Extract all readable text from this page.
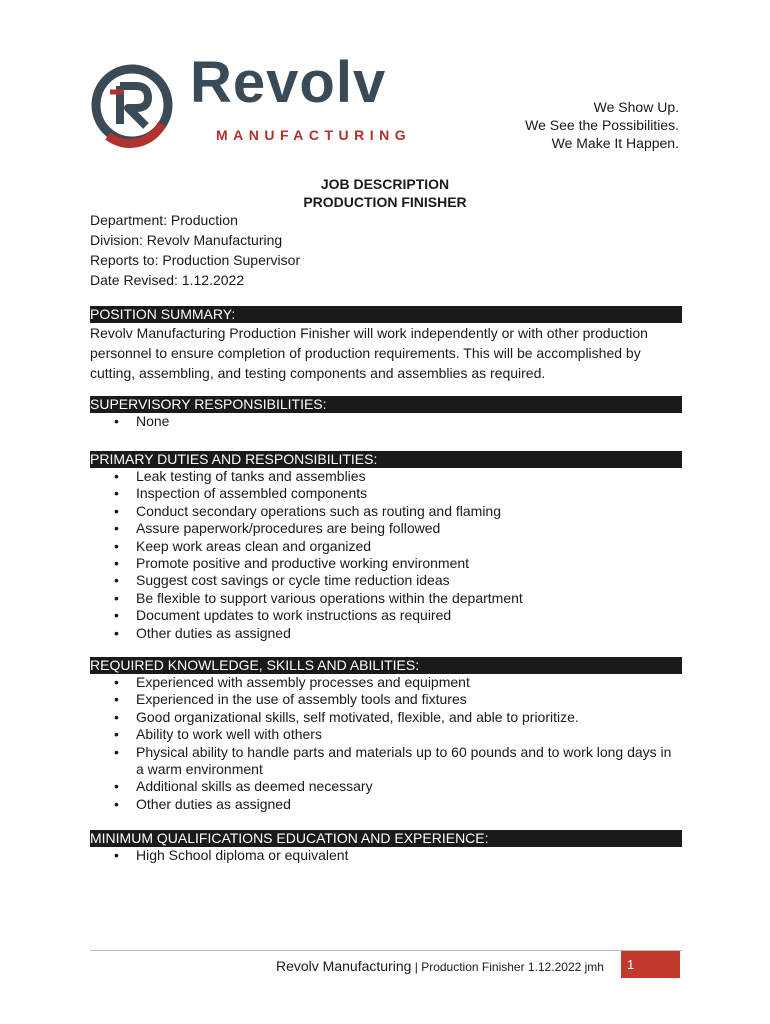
Revolv
MANUFACTURING
We Show Up.
We See the Possibilities.
We Make It Happen.
JOB DESCRIPTION
PRODUCTION FINISHER
Department: Production
Division: Revolv Manufacturing
Reports to: Production Supervisor
Date Revised: 1.12.2022
POSITION SUMMARY:

Revolv Manufacturing Production Finisher will work independently or with other production personnel to ensure completion of production requirements. This will be accomplished by cutting, assembling, and testing components and assemblies as required.

SUPERVISORY RESPONSIBILITIES:
• None
PRIMARY DUTIES AND RESPONSIBILITIES:
• Leak testing of tanks and assemblies
• Inspection of assembled components
• Conduct secondary operations such as routing and flaming
• Assure paperwork/procedures are being followed
• Keep work areas clean and organized
• Promote positive and productive working environment
• Suggest cost savings or cycle time reduction ideas
• Be flexible to support various operations within the department
• Document updates to work instructions as required
• Other duties as assigned
REQUIRED KNOWLEDGE, SKILLS AND ABILITIES:
• Experienced with assembly processes and equipment
• Experienced in the use of assembly tools and fixtures
• Good organizational skills, self motivated, flexible, and able to prioritize.
• Ability to work well with others
• Physical ability to handle parts and materials up to 60 pounds and to work long days in a warm environment
• Additional skills as deemed necessary
• Other duties as assigned
MINIMUM QUALIFICATIONS EDUCATION AND EXPERIENCE:
• High School diploma or equivalent
Revolv Manufacturing | Production Finisher 1.12.2022 jmh	1
